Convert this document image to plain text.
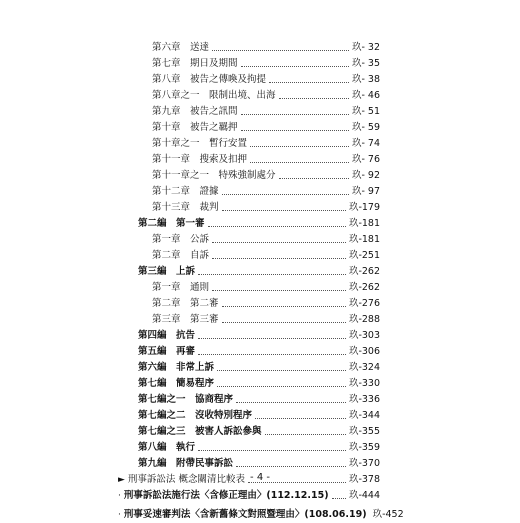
第六章　送達	玖- 32
第七章　期日及期間	玖- 35
第八章　被告之傳喚及拘提	玖- 38
第八章之一　限制出境、出海	玖- 46
第九章　被告之訊問	玖- 51
第十章　被告之羈押	玖- 59
第十章之一　暫行安置	玖- 74
第十一章　搜索及扣押	玖- 76
第十一章之一　特殊強制處分	玖- 92
第十二章　證據	玖- 97
第十三章　裁判	玖-179
第二編　第一審	玖-181
第一章　公訴	玖-181
第二章　自訴	玖-251
第三編　上訴	玖-262
第一章　通則	玖-262
第二章　第二審	玖-276
第三章　第三審	玖-288
第四編　抗告	玖-303
第五編　再審	玖-306
第六編　非常上訴	玖-324
第七編　簡易程序	玖-330
第七編之一　協商程序	玖-336
第七編之二　沒收特別程序	玖-344
第七編之三　被害人訴訟參與	玖-355
第八編　執行	玖-359
第九編　附帶民事訴訟	玖-370
► 刑事訴訟法 概念關清比較表	玖-378
· 刑事訴訟法施行法〈含修正理由〉(112.12.15) 玖-444
· 刑事妥速審判法〈含新舊條文對照暨理由〉(108.06.19) 玖-452
- 4 -
